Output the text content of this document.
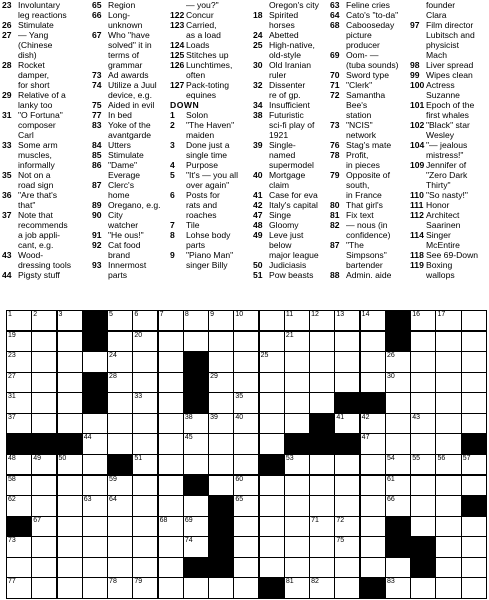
23 Involuntary
leg reactions
26 Stimulate
27 — Yang
(Chinese
dish)
28 Rocket
damper,
for short
29 Relative of a
lanky too
31 "O Fortuna"
composer
Carl
33 Some arm
muscles,
informally
35 Not on a
road sign
36 "Are that's
that"
37 Note that
recommends
a job appli-
cant, e.g.
43 Wood-
dressing tools
44 Pigsty stuff
65 Region
66 Long-
unknown
67 Who "have
solved" it in
terms of
grammar
73 Ad awards
74 Utilize a Juul
device, e.g.
75 Aided in evil
77 In bed
83 Yoke of the
avantgarde
84 Utters
85 Stimulate
86 "Dame"
Everage
87 Clerc's
home
89 Oregano, e.g.
90 City
watcher
91 "He ous!"
92 Cat food
brand
93 Innermost
parts
— you?"
122 Concur
123 Carried,
as a load
124 Loads
125 Stitches up
126 Lunchtimes,
often
127 Pack-toting
equines
DOWN
1 Solon
2 "The Haven"
maiden
3 Done just a
single time
4 Purpose
5 "It's — you all
over again"
6 Posts for
rats and
roaches
7 Tile
8 Lohse body
parts
9 "Piano Man"
singer Billy
Oregon's city
18 Spirited
horses
24 Abetted
25 High-native,
old-style
30 Old Iranian
ruler
32 Dissenter
re of gp.
34 Insufficient
38 Futuristic
sci-fi play of
1921
39 Single-
named
supermodel
40 Mortgage
claim
41 Case for eva
42 Italy's capital
47 Singe
48 Gloomy
49 Leve just
below
major league
50 Judiciasis
51 Pow beasts
63 Feline cries
64 Cato's "to-da"
68 Cabooseday
picture
producer
69 Oom- —
(tuba sounds)
70 Sword type
71 "Clerk"
72 Samantha
Bee's
station
73 "NCIS"
network
76 Stag's mate
78 Profit,
in pieces
79 Opposite of
south,
in France
80 That girl's
81 Fix text
82 — nous (in
confidence)
87 "The
Simpsons"
bartender
88 Admin. aide
founder
Clara
97 Film director
Lubitsch and
physicist
Mach
98 Liver spread
99 Wipes clean
100 Actress
Suzanne
101 Epoch of the
first whales
102 "Black" star
Wesley
104 "— jealous
mistress!"
109 Jennifer of
"Zero Dark
Thirty"
110 "So nasty!"
111 Honor
112 Architect
Saarinen
114 Singer
McEntire
118 See 69-Down
119 Boxing
wallops
1	2	3	5	6	7	8	9	10	11	12 13 14	16 17
19	20	21
23	24	25	26
27	28	29	30
31	33	35
37	38 39 40	41 42	43
44	45	47
48 49 50	51	53	54 55 56 57
58	59	60	61
62	63 64	65	66
67	68 69	71 72
73	74	75
77	78 79	81 82	83
